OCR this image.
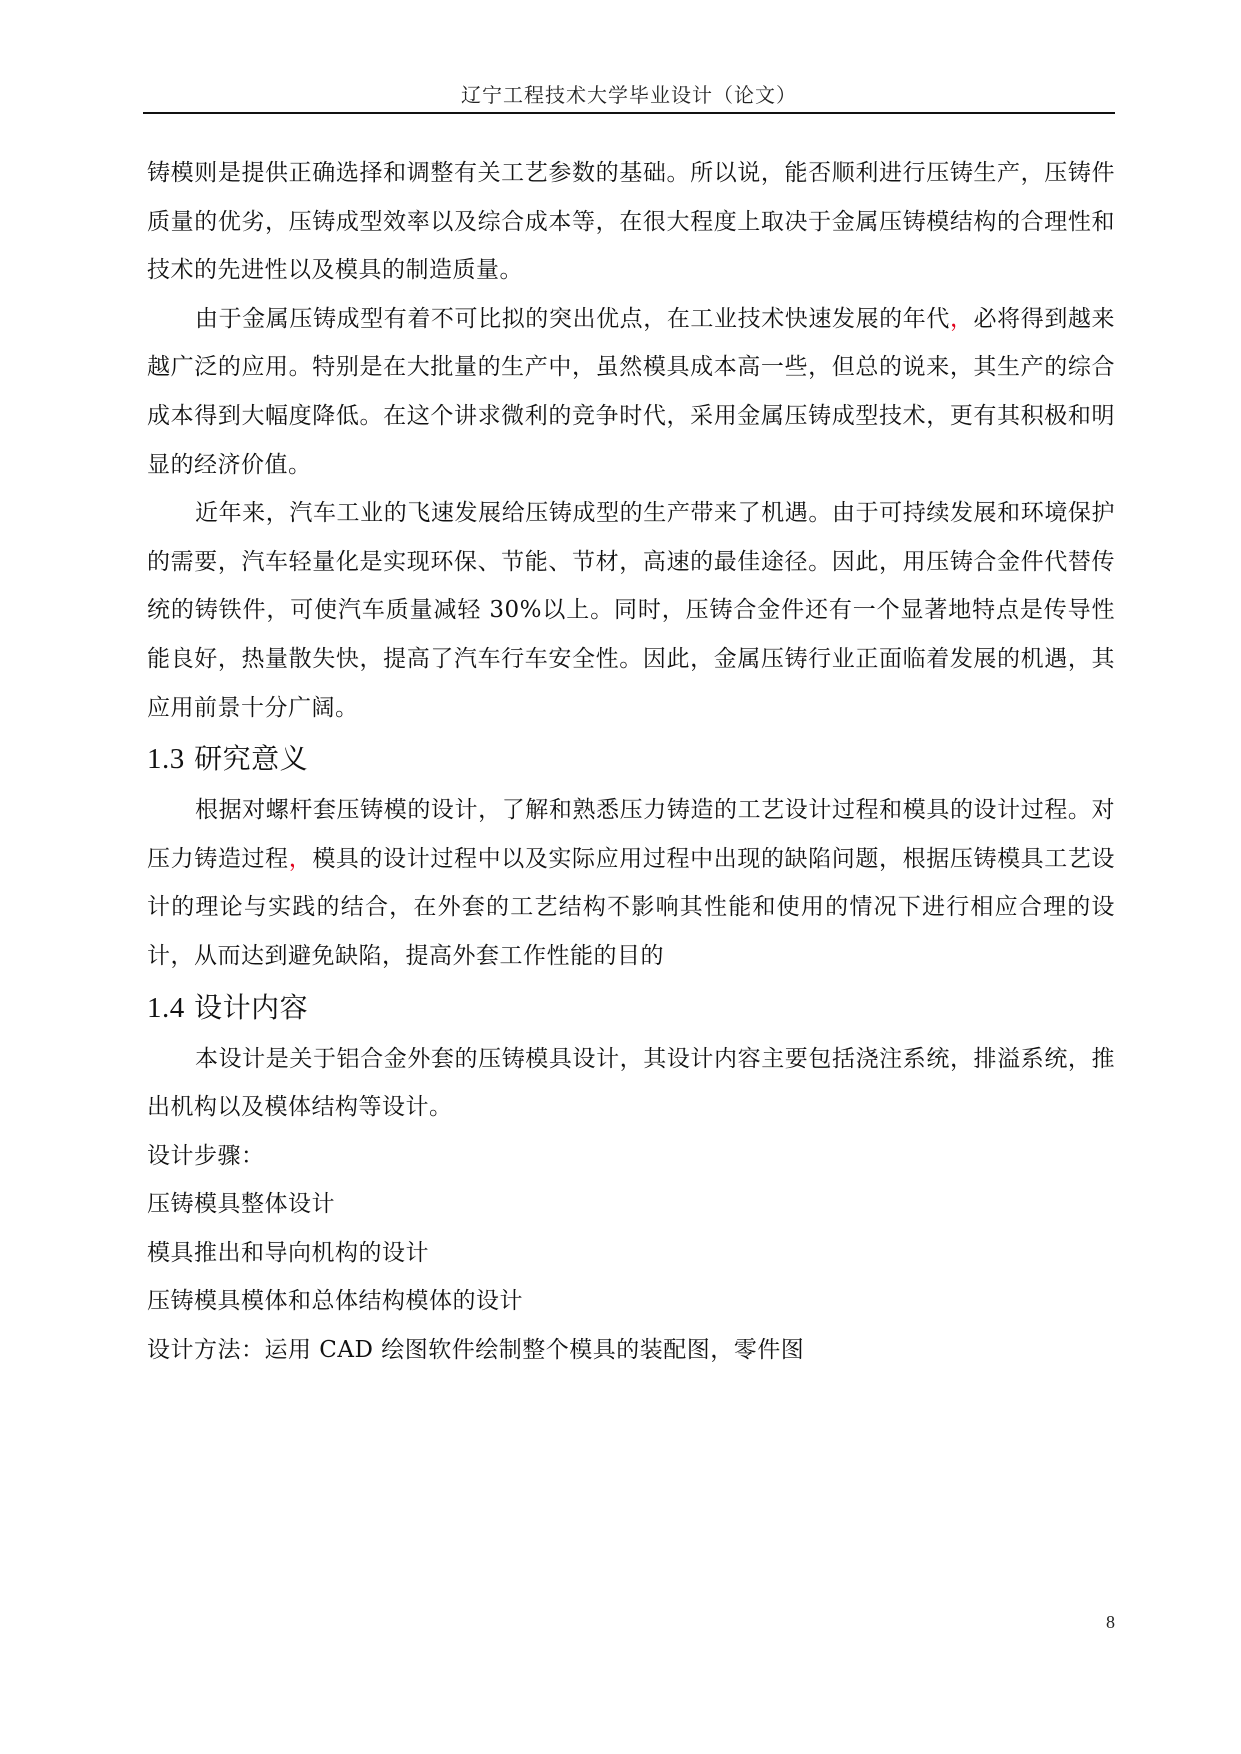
辽宁工程技术大学毕业设计（论文）

铸模则是提供正确选择和调整有关工艺参数的基础。所以说，能否顺利进行压铸生产，压铸件质量的优劣，压铸成型效率以及综合成本等，在很大程度上取决于金属压铸模结构的合理性和技术的先进性以及模具的制造质量。

由于金属压铸成型有着不可比拟的突出优点，在工业技术快速发展的年代，必将得到越来越广泛的应用。特别是在大批量的生产中，虽然模具成本高一些，但总的说来，其生产的综合成本得到大幅度降低。在这个讲求微利的竞争时代，采用金属压铸成型技术，更有其积极和明显的经济价值。

近年来，汽车工业的飞速发展给压铸成型的生产带来了机遇。由于可持续发展和环境保护的需要，汽车轻量化是实现环保、节能、节材，高速的最佳途径。因此，用压铸合金件代替传统的铸铁件，可使汽车质量减轻 30%以上。同时，压铸合金件还有一个显著地特点是传导性能良好，热量散失快，提高了汽车行车安全性。因此，金属压铸行业正面临着发展的机遇，其应用前景十分广阔。

1.3 研究意义

根据对螺杆套压铸模的设计，了解和熟悉压力铸造的工艺设计过程和模具的设计过程。对压力铸造过程，模具的设计过程中以及实际应用过程中出现的缺陷问题，根据压铸模具工艺设计的理论与实践的结合，在外套的工艺结构不影响其性能和使用的情况下进行相应合理的设计，从而达到避免缺陷，提高外套工作性能的目的

1.4 设计内容

本设计是关于铝合金外套的压铸模具设计，其设计内容主要包括浇注系统，排溢系统，推出机构以及模体结构等设计。

设计步骤：

压铸模具整体设计

模具推出和导向机构的设计

压铸模具模体和总体结构模体的设计

设计方法：运用 CAD 绘图软件绘制整个模具的装配图，零件图

8
